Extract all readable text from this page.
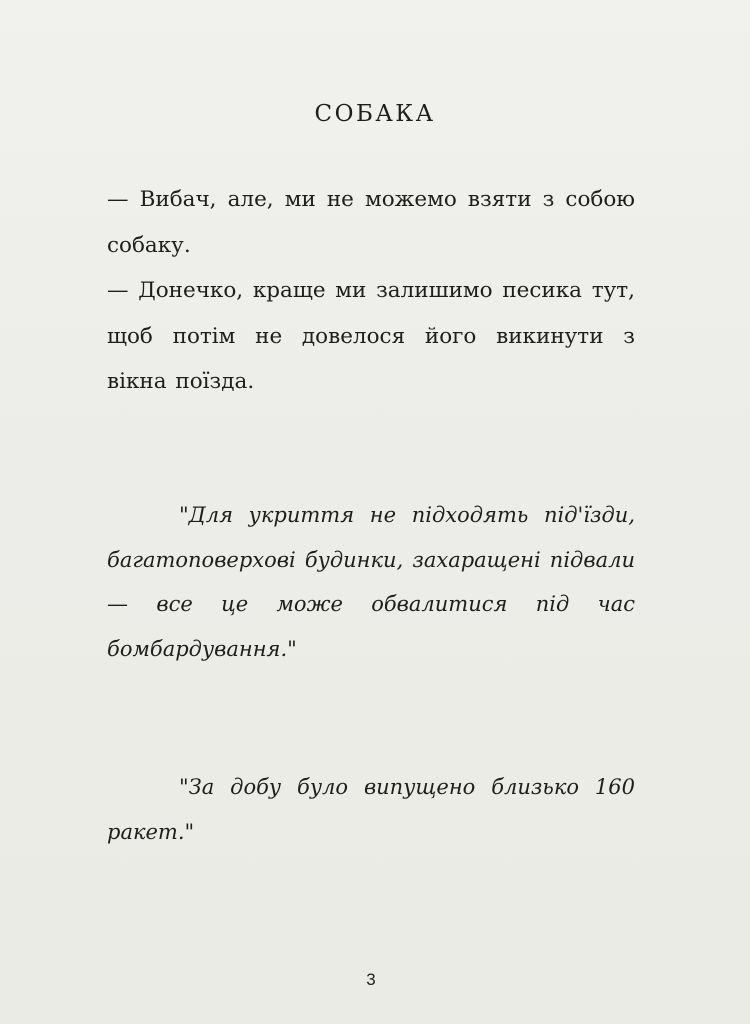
СОБАКА

— Вибач, але, ми не можемо взяти з собою собаку.

— Донечко, краще ми залишимо песика тут, щоб потім не довелося його викинути з вікна поїзда.

"Для укриття не підходять під'їзди, багатоповерхові будинки, захаращені підвали — все це може обвалитися під час бомбардування."

"За добу було випущено близько 160 ракет."

3
